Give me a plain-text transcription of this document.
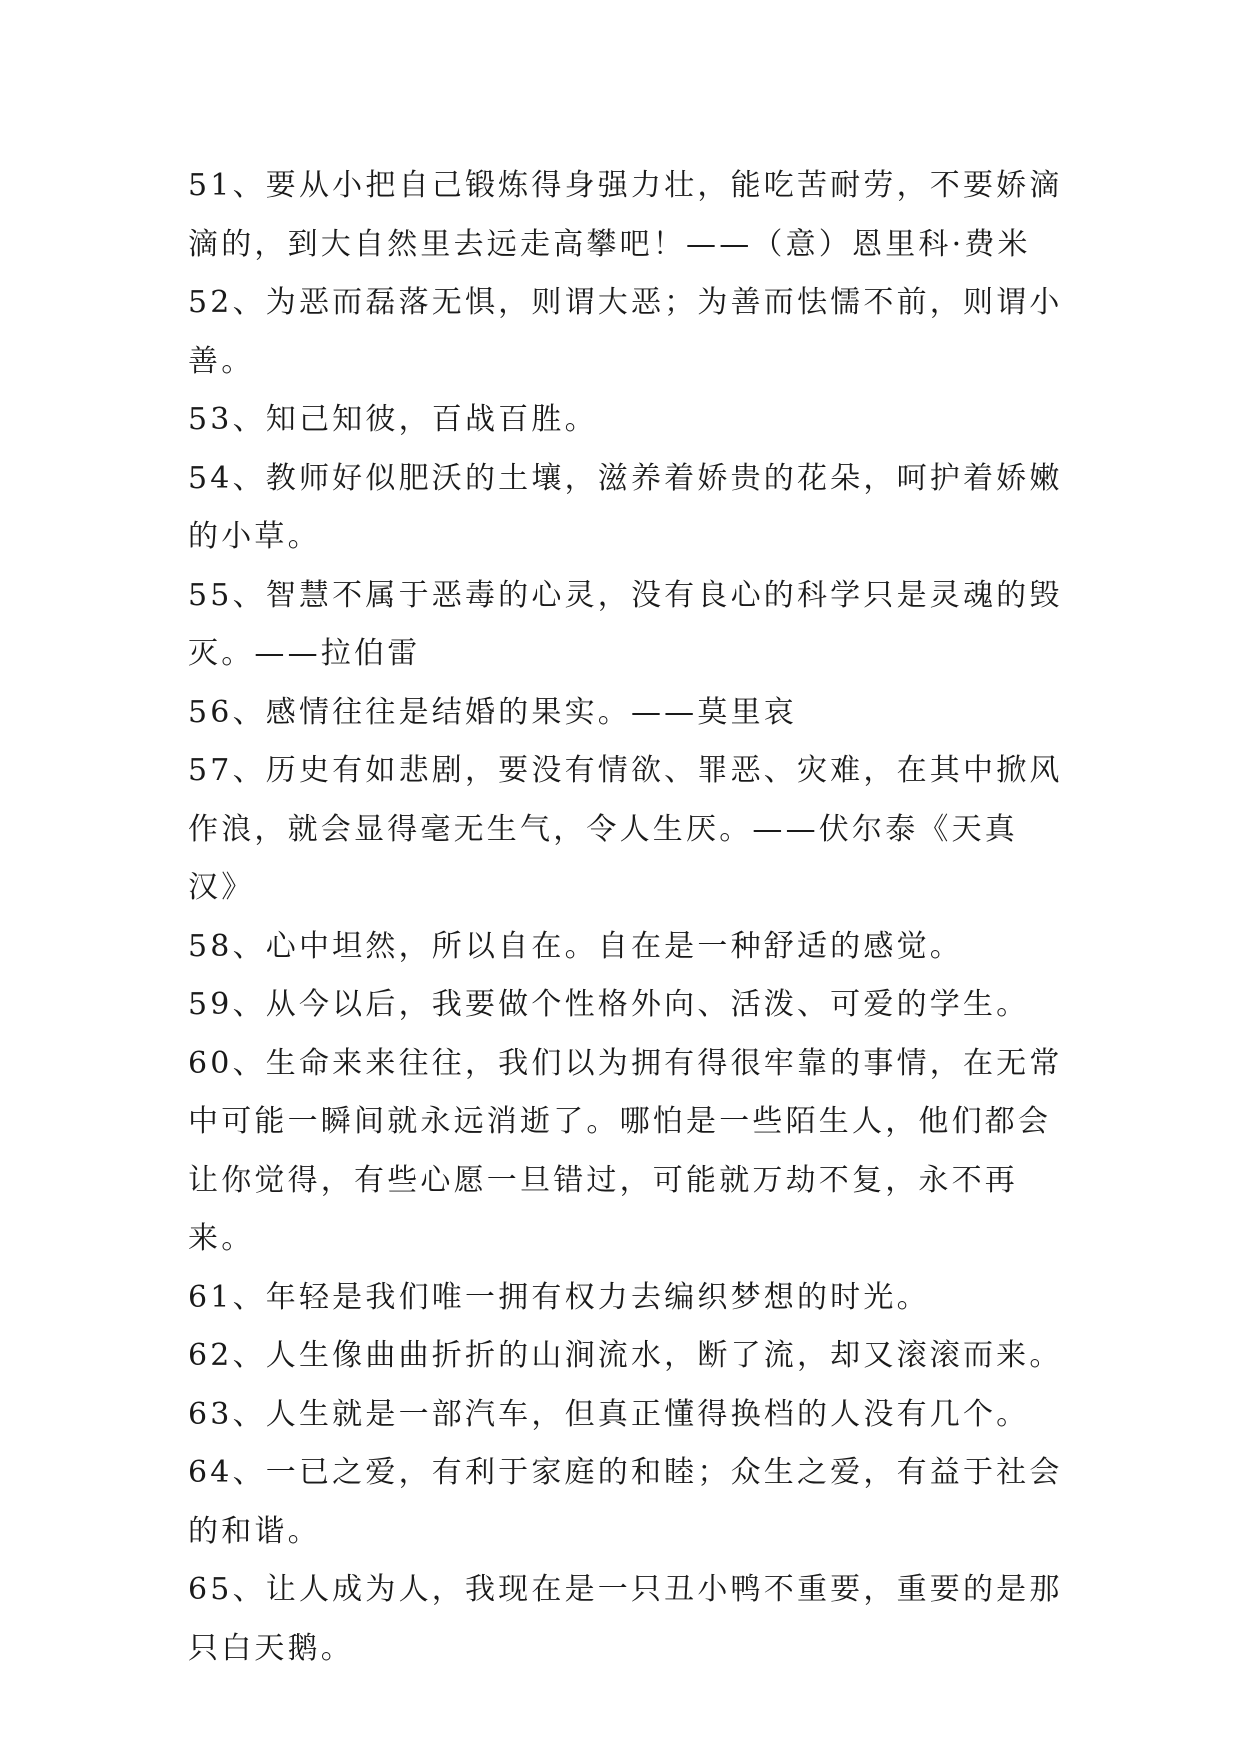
51、要从小把自己锻炼得身强力壮，能吃苦耐劳，不要娇滴
滴的，到大自然里去远走高攀吧！——（意）恩里科·费米
52、为恶而磊落无惧，则谓大恶；为善而怯懦不前，则谓小
善。
53、知己知彼，百战百胜。
54、教师好似肥沃的土壤，滋养着娇贵的花朵，呵护着娇嫩
的小草。
55、智慧不属于恶毒的心灵，没有良心的科学只是灵魂的毁
灭。——拉伯雷
56、感情往往是结婚的果实。——莫里哀
57、历史有如悲剧，要没有情欲、罪恶、灾难，在其中掀风
作浪，就会显得毫无生气，令人生厌。——伏尔泰《天真汉》
58、心中坦然，所以自在。自在是一种舒适的感觉。
59、从今以后，我要做个性格外向、活泼、可爱的学生。
60、生命来来往往，我们以为拥有得很牢靠的事情，在无常
中可能一瞬间就永远消逝了。哪怕是一些陌生人，他们都会
让你觉得，有些心愿一旦错过，可能就万劫不复，永不再来。
61、年轻是我们唯一拥有权力去编织梦想的时光。
62、人生像曲曲折折的山涧流水，断了流，却又滚滚而来。
63、人生就是一部汽车，但真正懂得换档的人没有几个。
64、一已之爱，有利于家庭的和睦；众生之爱，有益于社会
的和谐。
65、让人成为人，我现在是一只丑小鸭不重要，重要的是那
只白天鹅。
